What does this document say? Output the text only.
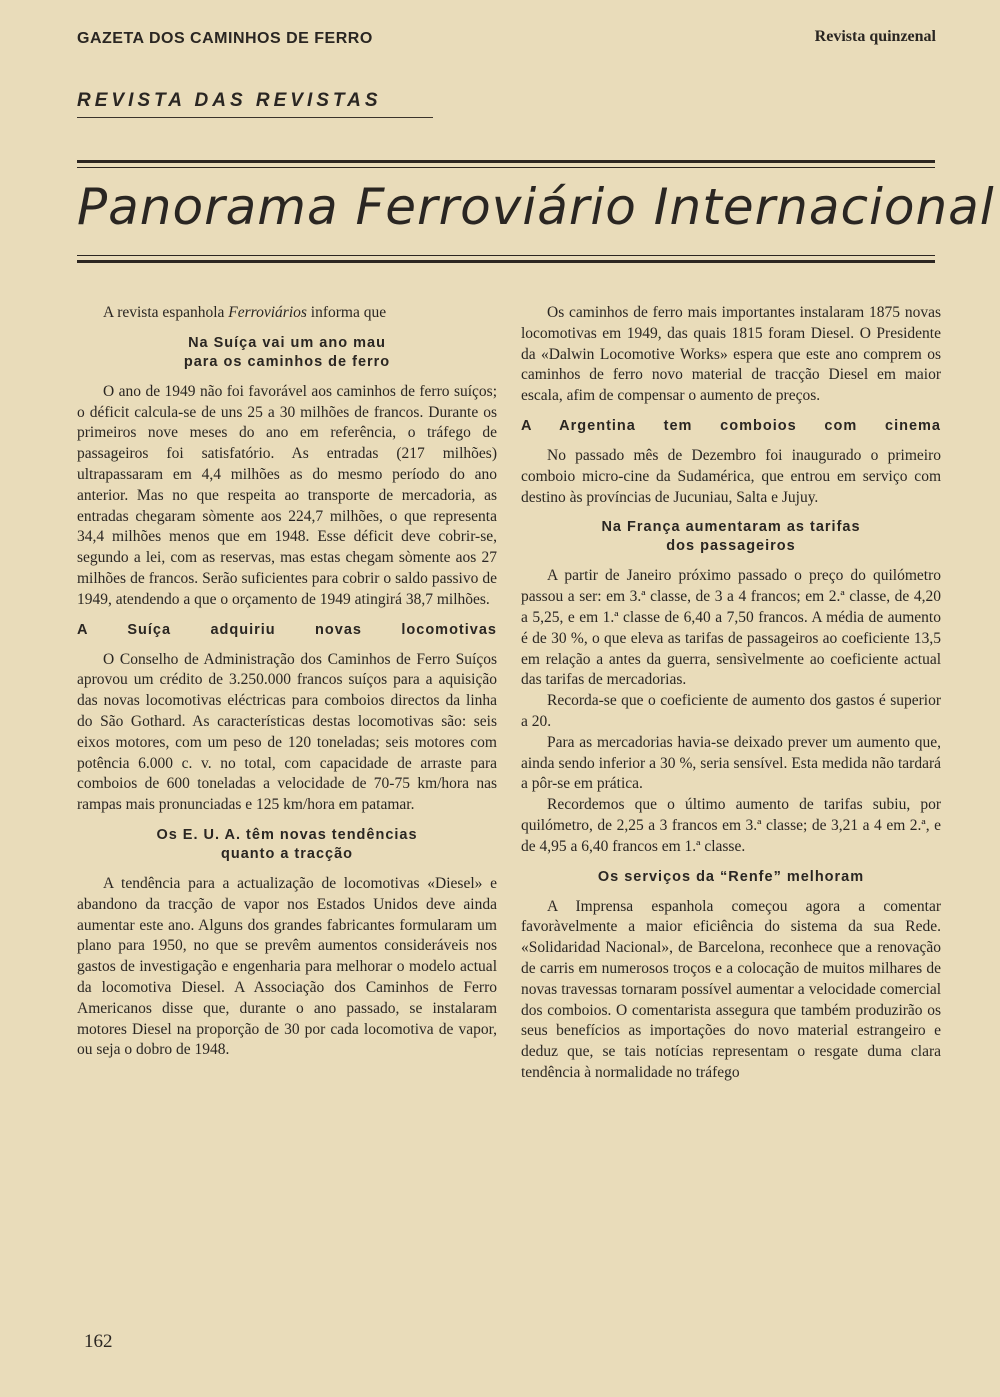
GAZETA DOS CAMINHOS DE FERRO	Revista quinzenal
REVISTA DAS REVISTAS
Panorama Ferroviário Internacional

A revista espanhola Ferroviários informa que

Na Suíça vai um ano mau
para os caminhos de ferro

O ano de 1949 não foi favorável aos caminhos de ferro suíços; o déficit calcula-se de uns 25 a 30 milhões de francos. Durante os primeiros nove meses do ano em referência, o tráfego de passageiros foi satisfatório. As entradas (217 milhões) ultrapassaram em 4,4 milhões as do mesmo período do ano anterior. Mas no que respeita ao transporte de mercadoria, as entradas chegaram sòmente aos 224,7 milhões, o que representa 34,4 milhões menos que em 1948. Esse déficit deve cobrir-se, segundo a lei, com as reservas, mas estas chegam sòmente aos 27 milhões de francos. Serão suficientes para cobrir o saldo passivo de 1949, atendendo a que o orçamento de 1949 atingirá 38,7 milhões.

A Suíça adquiriu novas locomotivas

O Conselho de Administração dos Caminhos de Ferro Suíços aprovou um crédito de 3.250.000 francos suíços para a aquisição das novas locomotivas eléctricas para comboios directos da linha do São Gothard. As características destas locomotivas são: seis eixos motores, com um peso de 120 toneladas; seis motores com potência 6.000 c. v. no total, com capacidade de arraste para comboios de 600 toneladas a velocidade de 70-75 km/hora nas rampas mais pronunciadas e 125 km/hora em patamar.

Os E. U. A. têm novas tendências
quanto a tracção

A tendência para a actualização de locomotivas «Diesel» e abandono da tracção de vapor nos Estados Unidos deve ainda aumentar este ano. Alguns dos grandes fabricantes formularam um plano para 1950, no que se prevêm aumentos consideráveis nos gastos de investigação e engenharia para melhorar o modelo actual da locomotiva Diesel. A Associação dos Caminhos de Ferro Americanos disse que, durante o ano passado, se instalaram motores Diesel na proporção de 30 por cada locomotiva de vapor, ou seja o dobro de 1948.

Os caminhos de ferro mais importantes instalaram 1875 novas locomotivas em 1949, das quais 1815 foram Diesel. O Presidente da «Dalwin Locomotive Works» espera que este ano comprem os caminhos de ferro novo material de tracção Diesel em maior escala, afim de compensar o aumento de preços.

A Argentina tem comboios com cinema

No passado mês de Dezembro foi inaugurado o primeiro comboio micro-cine da Sudamérica, que entrou em serviço com destino às províncias de Jucuniau, Salta e Jujuy.

Na França aumentaram as tarifas
dos passageiros

A partir de Janeiro próximo passado o preço do quilómetro passou a ser: em 3.ª classe, de 3 a 4 francos; em 2.ª classe, de 4,20 a 5,25, e em 1.ª classe de 6,40 a 7,50 francos. A média de aumento é de 30 %, o que eleva as tarifas de passageiros ao coeficiente 13,5 em relação a antes da guerra, sensìvelmente ao coeficiente actual das tarifas de mercadorias.

Recorda-se que o coeficiente de aumento dos gastos é superior a 20.

Para as mercadorias havia-se deixado prever um aumento que, ainda sendo inferior a 30 %, seria sensível. Esta medida não tardará a pôr-se em prática.

Recordemos que o último aumento de tarifas subiu, por quilómetro, de 2,25 a 3 francos em 3.ª classe; de 3,21 a 4 em 2.ª, e de 4,95 a 6,40 francos em 1.ª classe.

Os serviços da “Renfe” melhoram

A Imprensa espanhola começou agora a comentar favoràvelmente a maior eficiência do sistema da sua Rede. «Solidaridad Nacional», de Barcelona, reconhece que a renovação de carris em numerosos troços e a colocação de muitos milhares de novas travessas tornaram possível aumentar a velocidade comercial dos comboios. O comentarista assegura que também produzirão os seus benefícios as importações do novo material estrangeiro e deduz que, se tais notícias representam o resgate duma clara tendência à normalidade no tráfego

162
